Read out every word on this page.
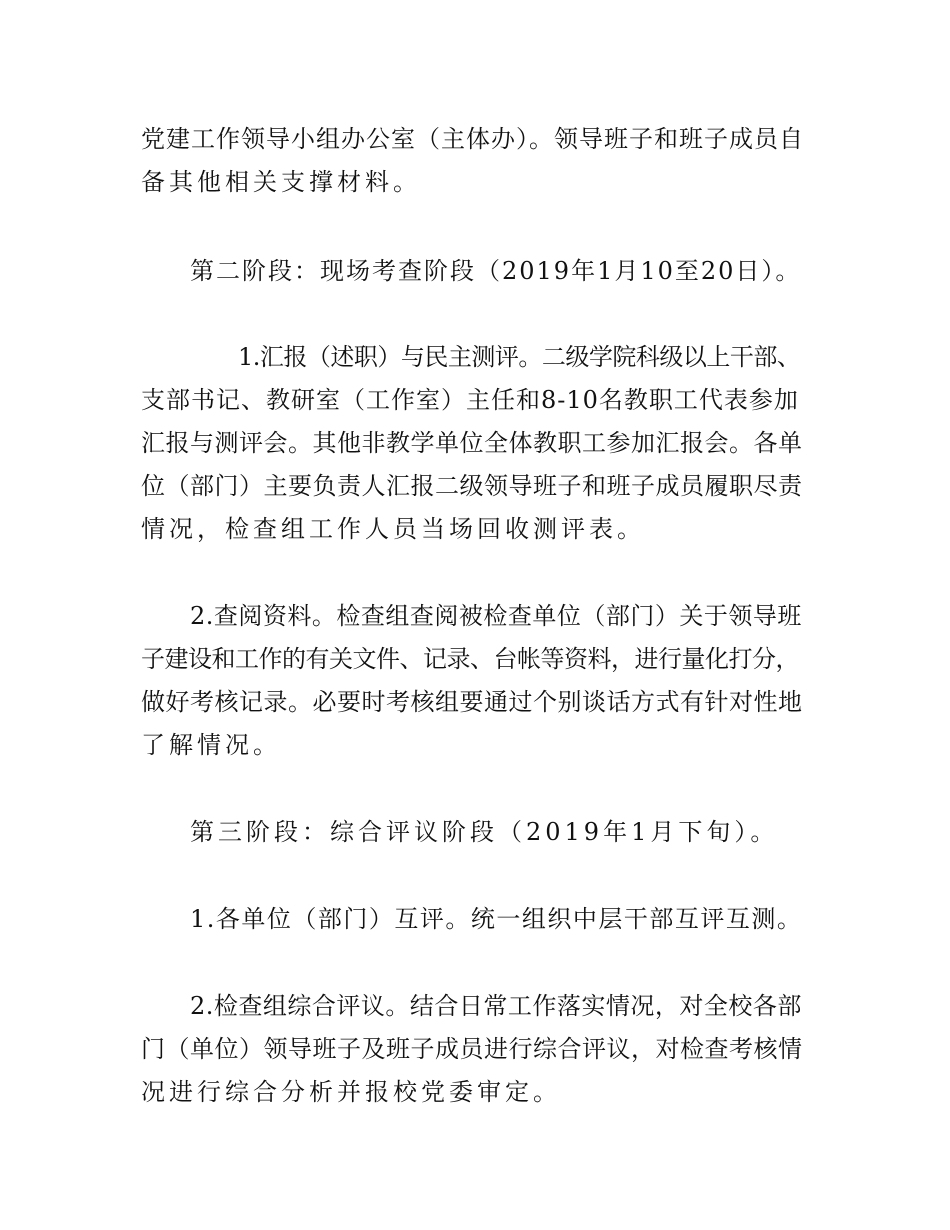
党建工作领导小组办公室（主体办）。领导班子和班子成员自
备其他相关支撑材料。
第二阶段：现场考查阶段（2019年1月10至20日）。
1.汇报（述职）与民主测评。二级学院科级以上干部、
支部书记、教研室（工作室）主任和8-10名教职工代表参加
汇报与测评会。其他非教学单位全体教职工参加汇报会。各单
位（部门）主要负责人汇报二级领导班子和班子成员履职尽责
情况，检查组工作人员当场回收测评表。
2.查阅资料。检查组查阅被检查单位（部门）关于领导班
子建设和工作的有关文件、记录、台帐等资料，进行量化打分，
做好考核记录。必要时考核组要通过个别谈话方式有针对性地
了解情况。
第三阶段：综合评议阶段（2019年1月下旬）。
1.各单位（部门）互评。统一组织中层干部互评互测。
2.检查组综合评议。结合日常工作落实情况，对全校各部
门（单位）领导班子及班子成员进行综合评议，对检查考核情
况进行综合分析并报校党委审定。
